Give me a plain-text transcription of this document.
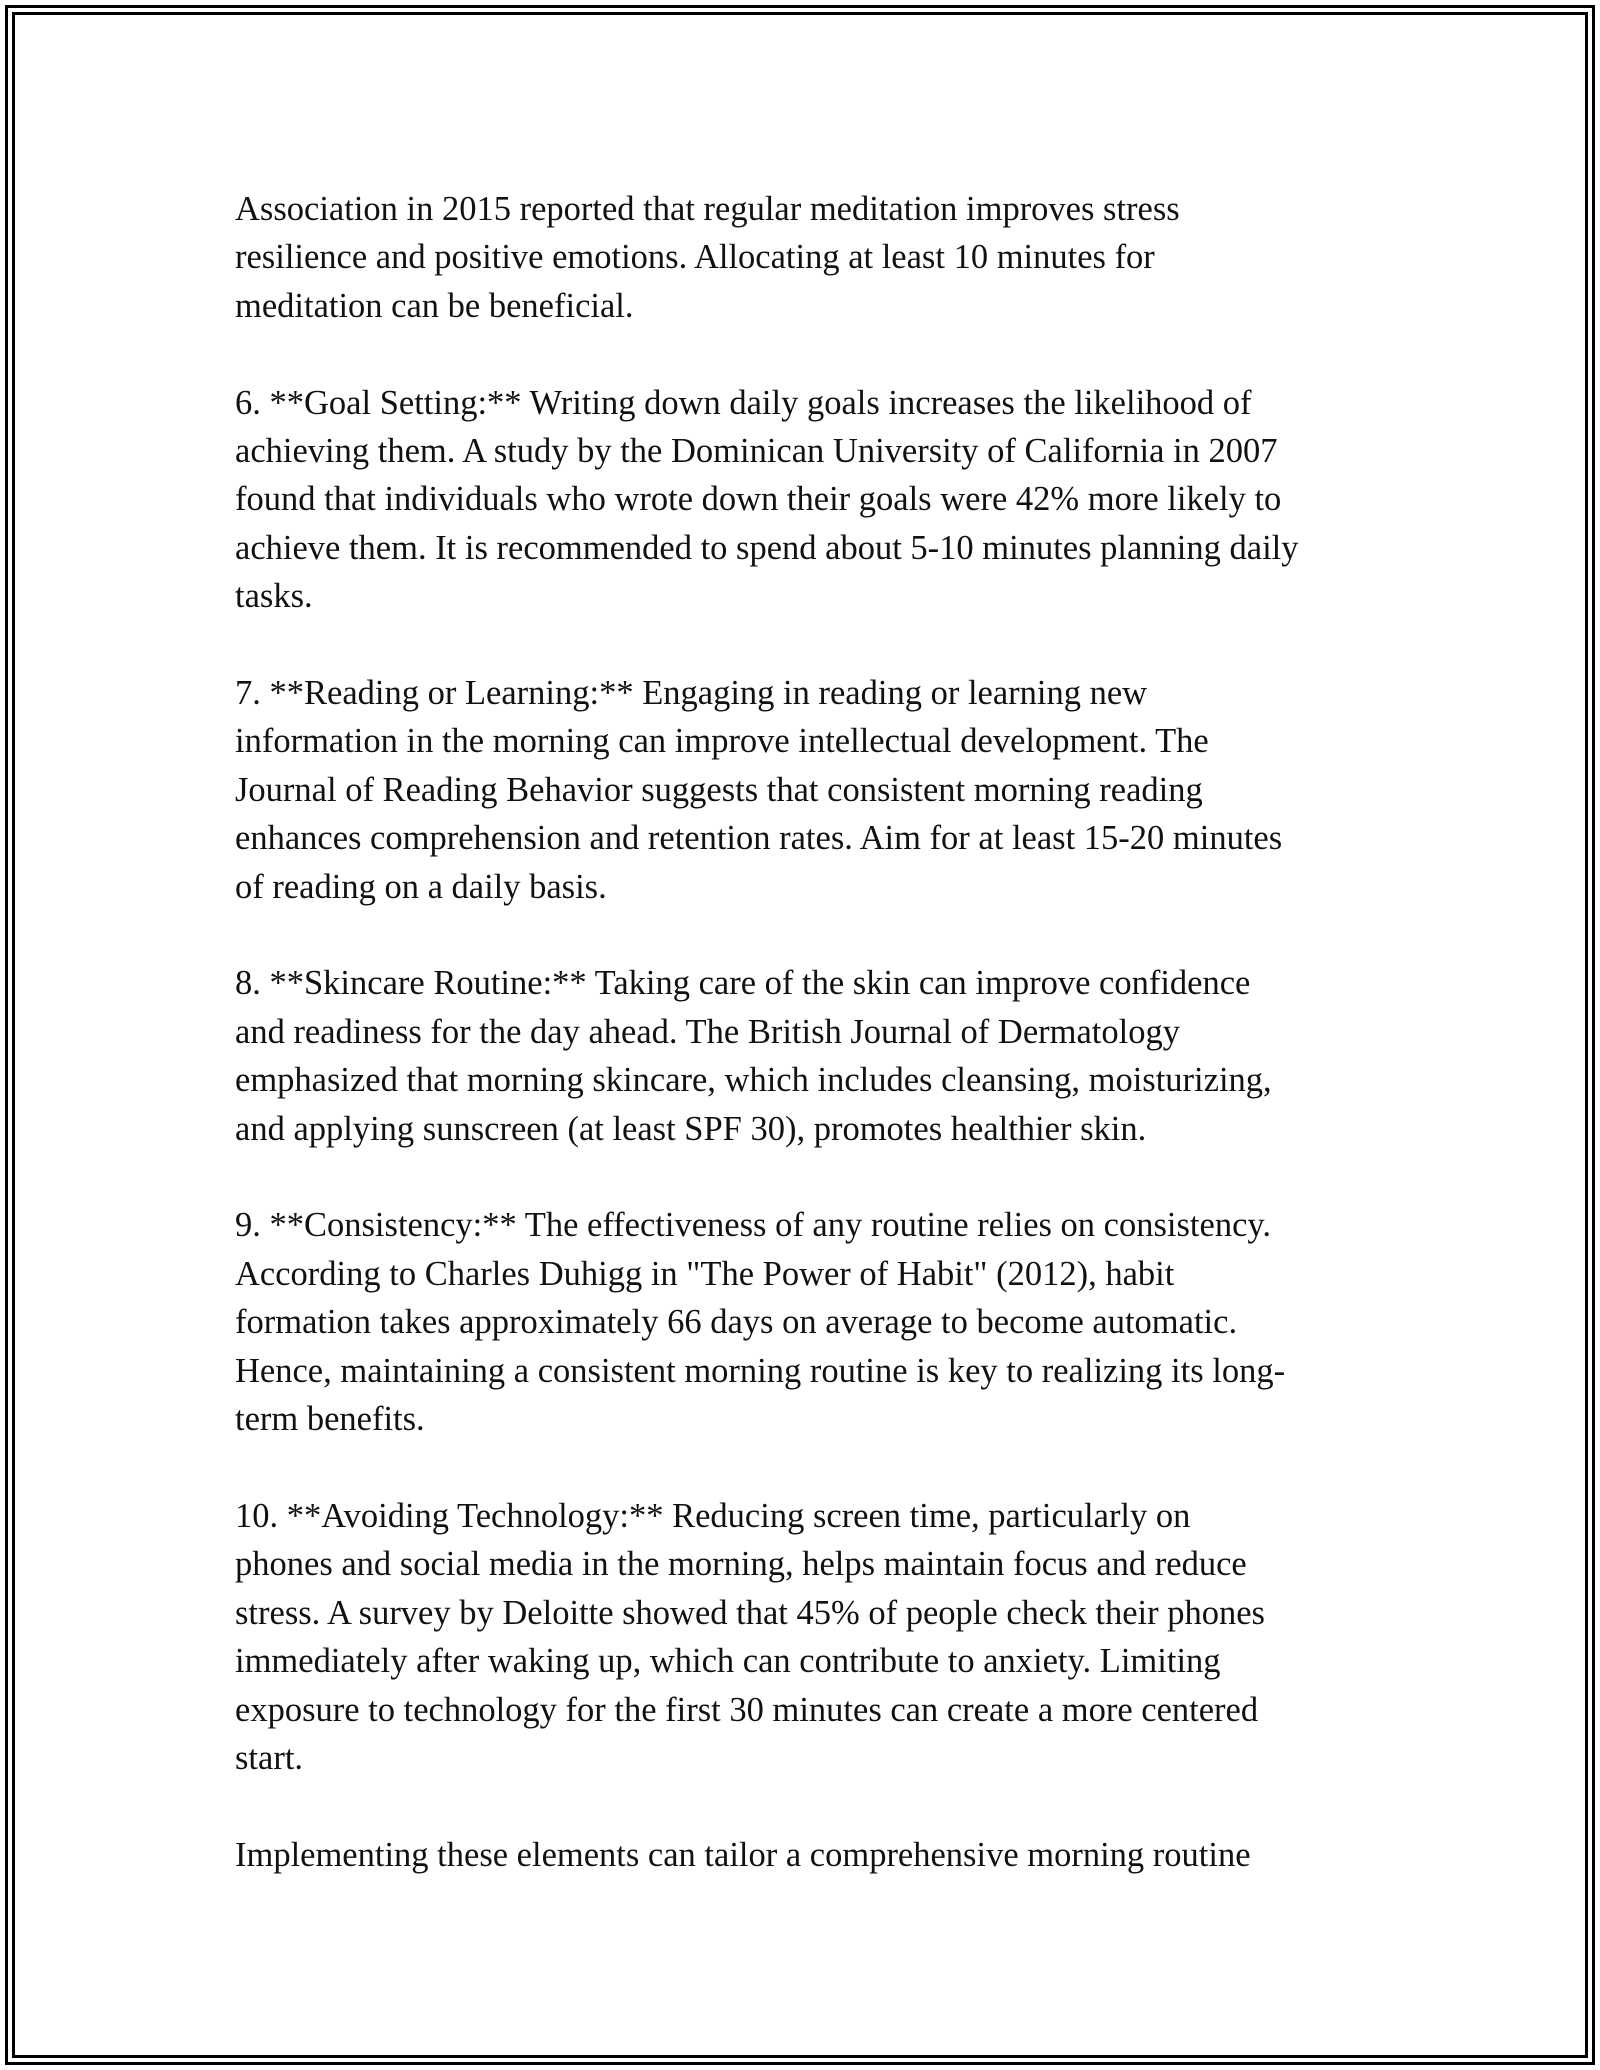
Association in 2015 reported that regular meditation improves stress
resilience and positive emotions. Allocating at least 10 minutes for
meditation can be beneficial.

6. **Goal Setting:** Writing down daily goals increases the likelihood of
achieving them. A study by the Dominican University of California in 2007
found that individuals who wrote down their goals were 42% more likely to
achieve them. It is recommended to spend about 5-10 minutes planning daily
tasks.

7. **Reading or Learning:** Engaging in reading or learning new
information in the morning can improve intellectual development. The
Journal of Reading Behavior suggests that consistent morning reading
enhances comprehension and retention rates. Aim for at least 15-20 minutes
of reading on a daily basis.

8. **Skincare Routine:** Taking care of the skin can improve confidence
and readiness for the day ahead. The British Journal of Dermatology
emphasized that morning skincare, which includes cleansing, moisturizing,
and applying sunscreen (at least SPF 30), promotes healthier skin.

9. **Consistency:** The effectiveness of any routine relies on consistency.
According to Charles Duhigg in "The Power of Habit" (2012), habit
formation takes approximately 66 days on average to become automatic.
Hence, maintaining a consistent morning routine is key to realizing its long-
term benefits.

10. **Avoiding Technology:** Reducing screen time, particularly on
phones and social media in the morning, helps maintain focus and reduce
stress. A survey by Deloitte showed that 45% of people check their phones
immediately after waking up, which can contribute to anxiety. Limiting
exposure to technology for the first 30 minutes can create a more centered
start.

Implementing these elements can tailor a comprehensive morning routine
